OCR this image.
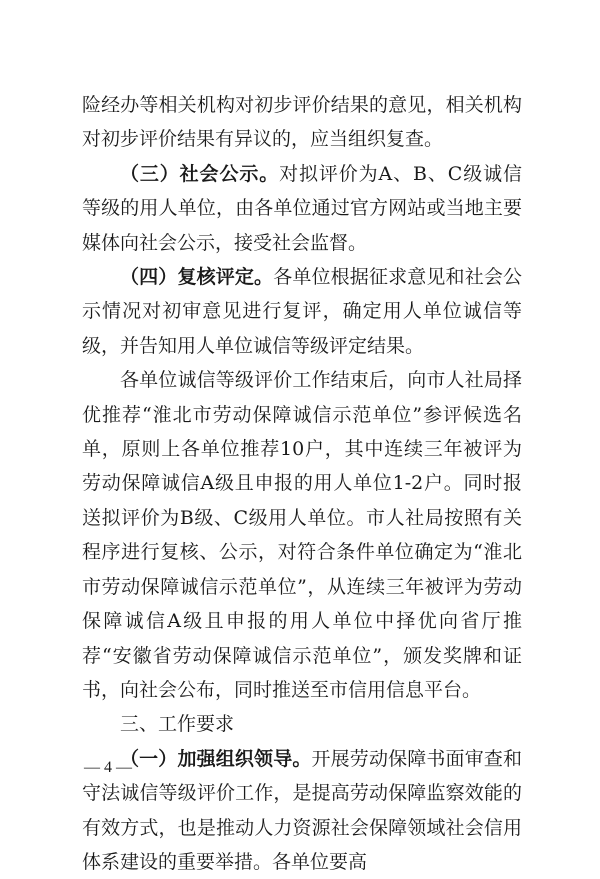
险经办等相关机构对初步评价结果的意见，相关机构对初步评价结果有异议的，应当组织复查。

（三）社会公示。对拟评价为A、B、C级诚信等级的用人单位，由各单位通过官方网站或当地主要媒体向社会公示，接受社会监督。

（四）复核评定。各单位根据征求意见和社会公示情况对初审意见进行复评，确定用人单位诚信等级，并告知用人单位诚信等级评定结果。

各单位诚信等级评价工作结束后，向市人社局择优推荐“淮北市劳动保障诚信示范单位”参评候选名单，原则上各单位推荐10户，其中连续三年被评为劳动保障诚信A级且申报的用人单位1-2户。同时报送拟评价为B级、C级用人单位。市人社局按照有关程序进行复核、公示，对符合条件单位确定为“淮北市劳动保障诚信示范单位”，从连续三年被评为劳动保障诚信A级且申报的用人单位中择优向省厅推荐“安徽省劳动保障诚信示范单位”，颁发奖牌和证书，向社会公布，同时推送至市信用信息平台。

三、工作要求

（一）加强组织领导。开展劳动保障书面审查和守法诚信等级评价工作，是提高劳动保障监察效能的有效方式，也是推动人力资源社会保障领域社会信用体系建设的重要举措。各单位要高

— 4 —
